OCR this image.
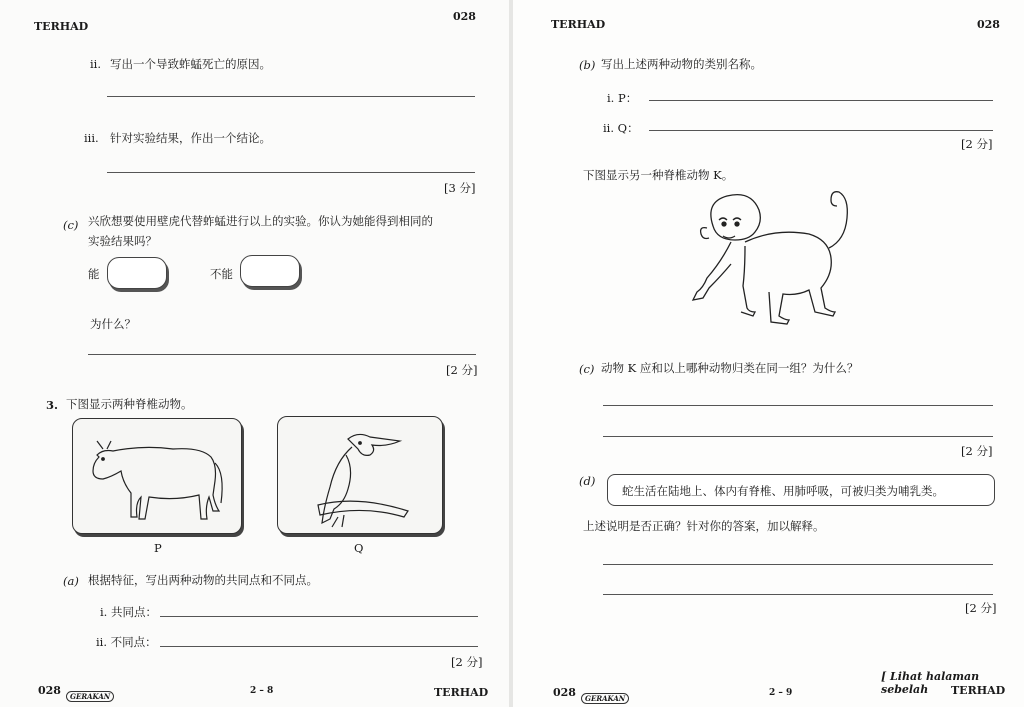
TERHAD
028
ii. 写出一个导致蚱蜢死亡的原因。
iii. 针对实验结果，作出一个结论。
[3 分]
(c) 兴欣想要使用壁虎代替蚱蜢进行以上的实验。你认为她能得到相同的
实验结果吗？
能	不能
为什么？
[2 分]
3. 下图显示两种脊椎动物。
P	Q
(a) 根据特征，写出两种动物的共同点和不同点。
i. 共同点：
ii. 不同点：
[2 分]
028	GERAKAN
2 – 8	TERHAD
TERHAD	028
(b) 写出上述两种动物的类别名称。
i. P：
ii. Q：
[2 分]
下图显示另一种脊椎动物 K。
(c) 动物 K 应和以上哪种动物归类在同一组？为什么？
[2 分]
(d)
蛇生活在陆地上、体内有脊椎、用肺呼吸，可被归类为哺乳类。
上述说明是否正确？针对你的答案，加以解释。
[2 分]
[ Lihat halaman sebelah
028	GERAKAN
2 – 9	TERHAD
